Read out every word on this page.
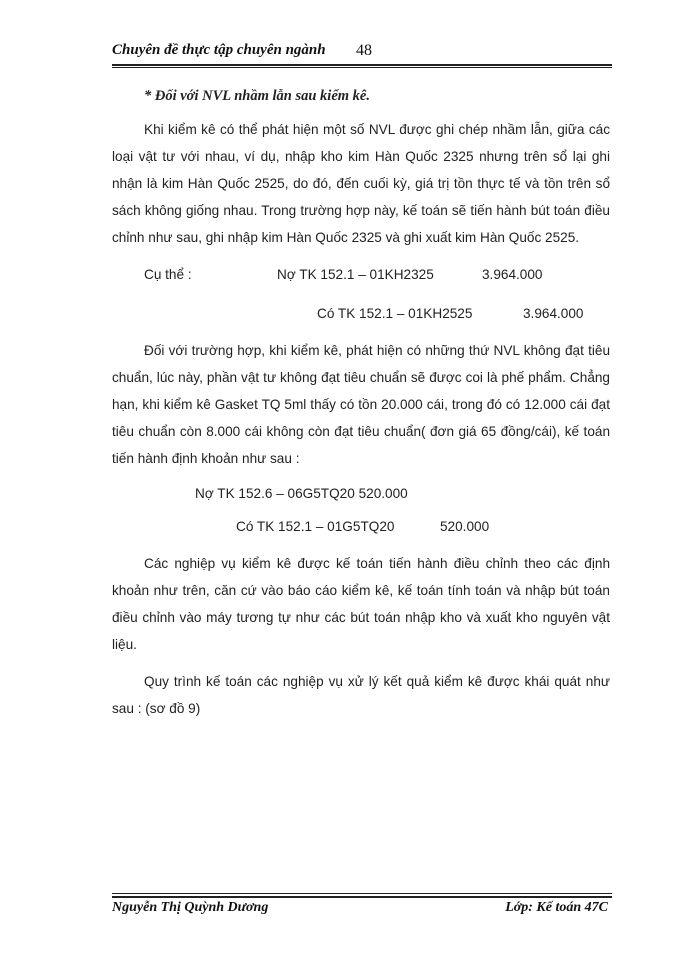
Chuyên đề thực tập chuyên ngành 48

* Đối với NVL nhầm lẫn sau kiểm kê.

Khi kiểm kê có thể phát hiện một số NVL được ghi chép nhầm lẫn, giữa các loại vật tư với nhau, ví dụ, nhập kho kim Hàn Quốc 2325 nhưng trên sổ lại ghi nhận là kim Hàn Quốc 2525, do đó, đến cuối kỳ, giá trị tồn thực tế và tồn trên sổ sách không giống nhau. Trong trường hợp này, kế toán sẽ tiến hành bút toán điều chỉnh như sau, ghi nhập kim Hàn Quốc 2325 và ghi xuất kim Hàn Quốc 2525.

Cụ thể :	Nợ TK 152.1 – 01KH2325	3.964.000
Có TK 152.1 – 01KH2525	3.964.000

Đối với trường hợp, khi kiểm kê, phát hiện có những thứ NVL không đạt tiêu chuẩn, lúc này, phần vật tư không đạt tiêu chuẩn sẽ được coi là phế phẩm. Chẳng hạn, khi kiểm kê Gasket TQ 5ml thấy có tồn 20.000 cái, trong đó có 12.000 cái đạt tiêu chuẩn còn 8.000 cái không còn đạt tiêu chuẩn( đơn giá 65 đồng/cái), kế toán tiến hành định khoản như sau :

Nợ TK 152.6 – 06G5TQ20 520.000
Có TK 152.1 – 01G5TQ20	520.000

Các nghiệp vụ kiểm kê được kế toán tiến hành điều chỉnh theo các định khoản như trên, căn cứ vào báo cáo kiểm kê, kế toán tính toán và nhập bút toán điều chỉnh vào máy tương tự như các bút toán nhập kho và xuất kho nguyên vật liệu.

Quy trình kế toán các nghiệp vụ xử lý kết quả kiểm kê được khái quát như sau : (sơ đồ 9)

Nguyễn Thị Quỳnh Dương	Lớp: Kế toán 47C
